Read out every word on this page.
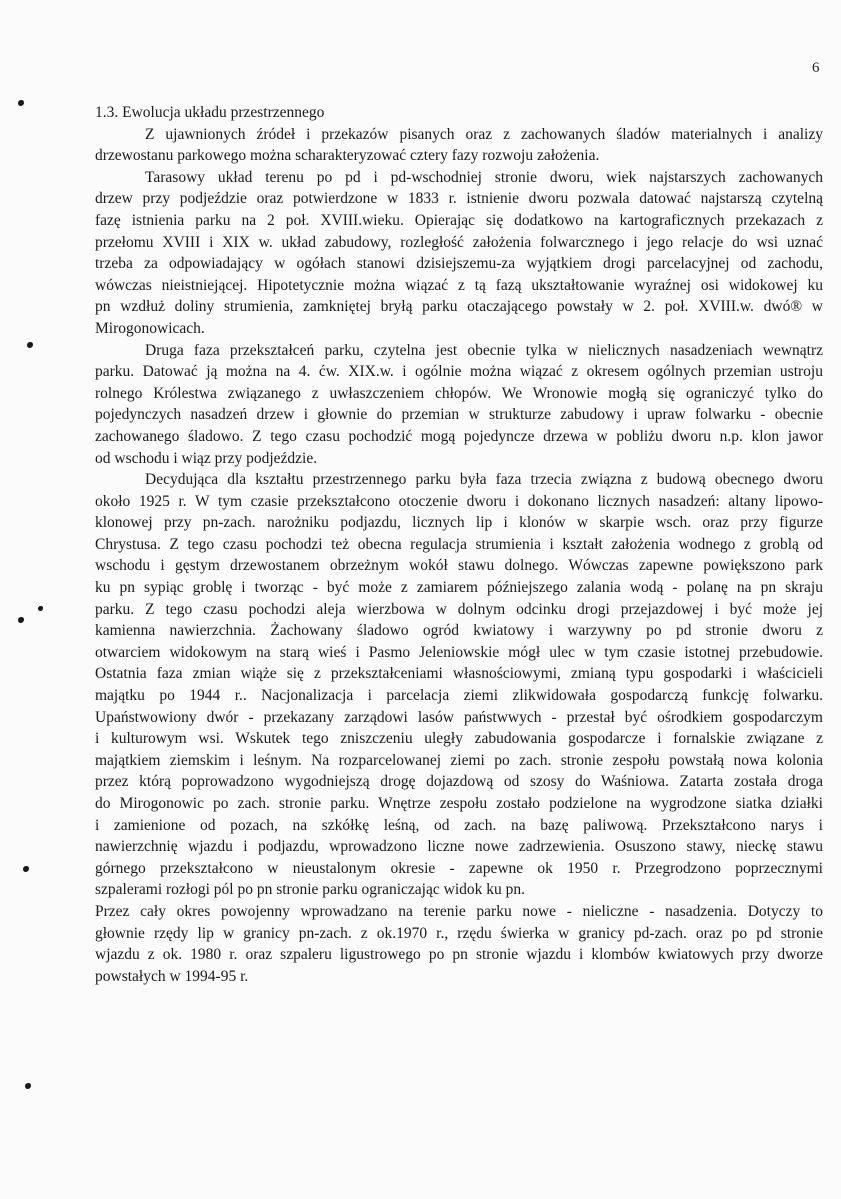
6
1.3. Ewolucja układu przestrzennego
Z ujawnionych źródeł i przekazów pisanych oraz z zachowanych śladów materialnych i analizy
drzewostanu parkowego można scharakteryzować cztery fazy rozwoju założenia.
Tarasowy układ terenu po pd i pd-wschodniej stronie dworu, wiek najstarszych zachowanych
drzew przy podjeździe oraz potwierdzone w 1833 r. istnienie dworu pozwala datować najstarszą czytelną
fazę istnienia parku na 2 poł. XVIII.wieku. Opierając się dodatkowo na kartograficznych przekazach z
przełomu XVIII i XIX w. układ zabudowy, rozległość założenia folwarcznego i jego relacje do wsi uznać
trzeba za odpowiadający w ogółach stanowi dzisiejszemu-za wyjątkiem drogi parcelacyjnej od zachodu,
wówczas nieistniejącej. Hipotetycznie można wiązać z tą fazą ukształtowanie wyraźnej osi widokowej ku
pn wzdłuż doliny strumienia, zamkniętej bryłą parku otaczającego powstały w 2. poł. XVIII.w. dwó® w
Mirogonowicach.
Druga faza przekształceń parku, czytelna jest obecnie tylka w nielicznych nasadzeniach wewnątrz
parku. Datować ją można na 4. ćw. XIX.w. i ogólnie można wiązać z okresem ogólnych przemian ustroju
rolnego Królestwa związanego z uwłaszczeniem chłopów. We Wronowie mogłą się ograniczyć tylko do
pojedynczych nasadzeń drzew i głownie do przemian w strukturze zabudowy i upraw folwarku - obecnie
zachowanego śladowo. Z tego czasu pochodzić mogą pojedyncze drzewa w pobliżu dworu n.p. klon jawor
od wschodu i wiąz przy podjeździe.
Decydująca dla kształtu przestrzennego parku była faza trzecia związna z budową obecnego dworu
około 1925 r. W tym czasie przekształcono otoczenie dworu i dokonano licznych nasadzeń: altany lipowo-
klonowej przy pn-zach. narożniku podjazdu, licznych lip i klonów w skarpie wsch. oraz przy figurze
Chrystusa. Z tego czasu pochodzi też obecna regulacja strumienia i kształt założenia wodnego z groblą od
wschodu i gęstym drzewostanem obrzeżnym wokół stawu dolnego. Wówczas zapewne powiększono park
ku pn sypiąc groblę i tworząc - być może z zamiarem późniejszego zalania wodą - polanę na pn skraju
parku. Z tego czasu pochodzi aleja wierzbowa w dolnym odcinku drogi przejazdowej i być może jej
kamienna nawierzchnia. Żachowany śladowo ogród kwiatowy i warzywny po pd stronie dworu z
otwarciem widokowym na starą wieś i Pasmo Jeleniowskie mógł ulec w tym czasie istotnej przebudowie.
Ostatnia faza zmian wiąże się z przekształceniami własnościowymi, zmianą typu gospodarki i właścicieli
majątku po 1944 r.. Nacjonalizacja i parcelacja ziemi zlikwidowała gospodarczą funkcję folwarku.
Upaństwowiony dwór - przekazany zarządowi lasów państwwych - przestał być ośrodkiem gospodarczym
i kulturowym wsi. Wskutek tego zniszczeniu uległy zabudowania gospodarcze i fornalskie związane z
majątkiem ziemskim i leśnym. Na rozparcelowanej ziemi po zach. stronie zespołu powstałą nowa kolonia
przez którą poprowadzono wygodniejszą drogę dojazdową od szosy do Waśniowa. Zatarta została droga
do Mirogonowic po zach. stronie parku. Wnętrze zespołu zostało podzielone na wygrodzone siatka działki
i zamienione od pozach, na szkółkę leśną, od zach. na bazę paliwową. Przekształcono narys i
nawierzchnię wjazdu i podjazdu, wprowadzono liczne nowe zadrzewienia. Osuszono stawy, nieckę stawu
górnego przekształcono w nieustalonym okresie - zapewne ok 1950 r. Przegrodzono poprzecznymi
szpalerami rozłogi pól po pn stronie parku ograniczając widok ku pn.
Przez cały okres powojenny wprowadzano na terenie parku nowe - nieliczne - nasadzenia. Dotyczy to
głownie rzędy lip w granicy pn-zach. z ok.1970 r., rzędu świerka w granicy pd-zach. oraz po pd stronie
wjazdu z ok. 1980 r. oraz szpaleru ligustrowego po pn stronie wjazdu i klombów kwiatowych przy dworze
powstałych w 1994-95 r.
